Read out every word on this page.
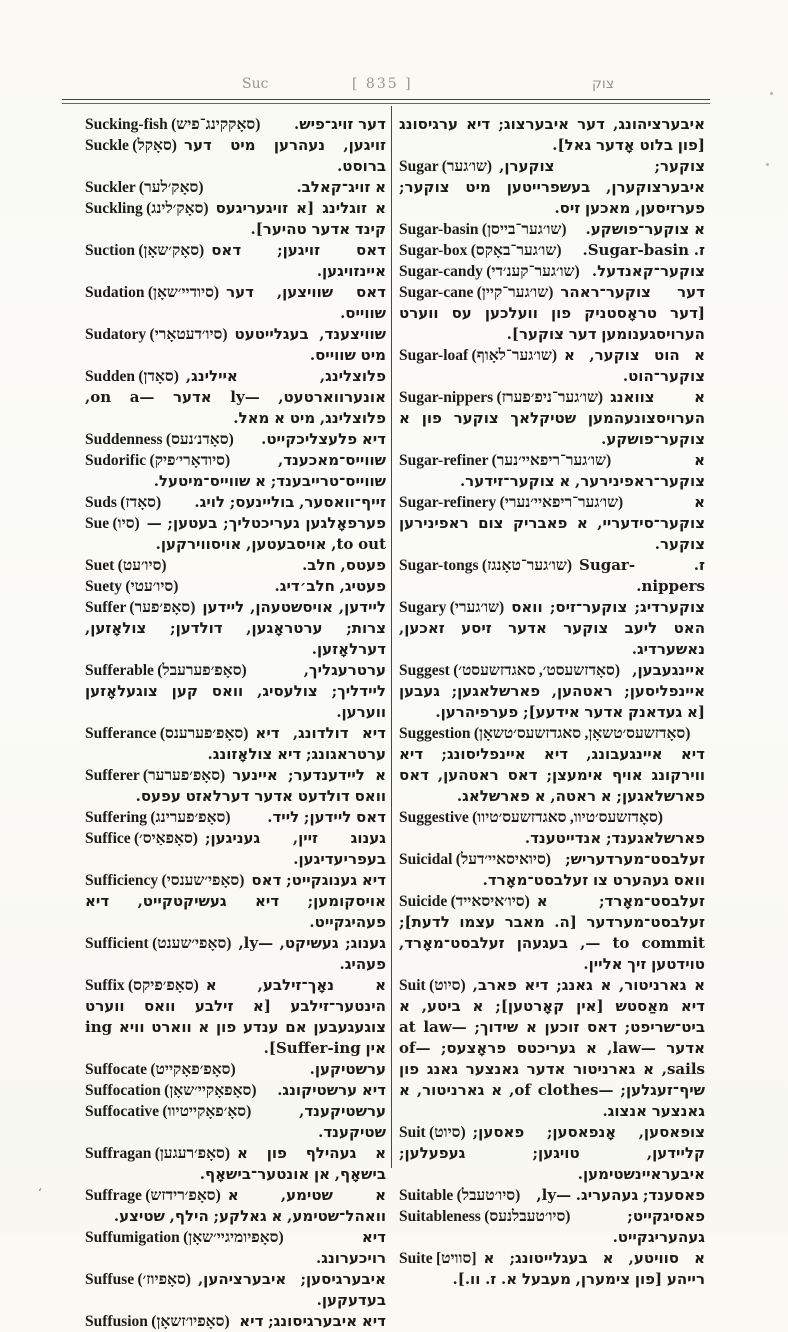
Suc	[ 835 ]	צוק
Sucking-fish (סאָקקינג־פיש)	דער זויג־פיש.
Suckle (סאָקל) זויגען, נעהרען מיט דער ברוסט.
Suckler (סאָק׳לער)	א זויג־קאלב.
Suckling (סאָק׳לינג) א זוגלינג [א זויגעריגעס קינד אדער טהיער].
Suction (סאָק׳שאָן) דאס זויגען; דאס איינזויגען.
Sudation (סיודיי׳שאָן) דאס שוויצען, דער שווייס.
Sudatory (סיו׳דעטאָרי) שוויצענד, בעגלייטעט מיט שווייס.
Sudden (סאָדן) פלוצלינג, איילינג, אונערווארטעט, —ly אדער —on a, פלוצלינג, מיט א מאל.
Suddenness (סאָדנ׳נעס)	דיא פלעצליכקייט.
Sudorific (סיודאָרי׳פיק)	שווייס־מאכענד, שווייס־טרייבענד; א שווייס־מיטעל.
Suds (סאָדז)	זייף־וואסער, בוליינעס; לויג.
Sue (סיו) פערפאָלגען געריכטליך; בעטען; —to out, אויסבעטען, אויסווירקען.
Suet (סיו׳עט)	פעטס, חלב.
Suety (סיו׳עטי)	פעטיג, חלב׳דיג.
Suffer (סאָפ׳פער) ליידען, אויסשטעהן, ליידען צרות; ערטראָגען, דולדען; צולאָזען, דערלאָזען.
Sufferable (סאָפ׳פערעבל)	ערטרעגליך, ליידליך; צולעסיג, וואס קען צוגעלאָזען ווערען.
Sufferance (סאָפ׳פערענס) דיא דולדונג, דיא ערטראגונג; דיא צולאָזונג.
Sufferer (סאָפ׳פערער) א ליידענדער; איינער וואס דולדעט אדער דערלאזט עפעס.
Suffering (סאָפ׳פערינג)	דאס ליידען; לייד.
Suffice (סאָפאַיס׳) גענוג זיין, געניגען; בעפריעדיגען.
Sufficiency (סאָפי׳שענסי) דיא גענוגקייט; דאס אויסקומען; דיא געשיקטקייט, דיא פעהיגקייט.
Sufficient (סאָפי׳שענט) גענוג; געשיקט, —ly, פעהיג.
Suffix (סאָפ׳פיקס) א נאָך־זילבע, א הינטער־זילבע [א זילבע וואס ווערט צוגעגעבען אם ענדע פון א ווארט וויא ing אין Suffer-ing].
Suffocate (סאָפ׳פאָקייט)	ערשטיקען.
Suffocation (סאָפאָקיי׳שאָן)	דיא ערשטיקונג.
Suffocative (סאָ׳פאָקייטיוו)	ערשטיקענד, שטיקענד.
Suffragan (סאָפ׳רעגען) א געהילף פון א בישאָף, אן אונטער־בישאָף.
Suffrage (סאָפ׳רידזש) א שטימע, א וואהל־שטימע, א גאלקע; הילף, שטיצע.
Suffumigation (סאָפיומיגיי׳שאָן)	דיא רויכערונג.
Suffuse (סאָפיוז׳) איבערגיסען; איבערציהען, בעדעקען.
Suffusion (סאָפיו׳זשאָן) דיא איבערגיסונג; דיא
איבערציהונג, דער איבערצוג; דיא ערגיסונג [פון בלוט אָדער גאל].
Sugar (שו׳גער) צוקער; צוקערן, איבערצוקערן, בעשפרייטען מיט צוקער; פערזיסען, מאכען זיס.
Sugar-basin (שו׳גער־בייסן)	א צוקער־פושקע.
Sugar-box (שו׳גער־באָקס)	ז. Sugar-basin.
Sugar-candy (שו׳גער־קענ׳די) צוקער־קאנדעל.
Sugar-cane (שו׳גער־קיין) דער צוקער־ראהר [דער טראָסטניק פון וועלכען עס ווערט הערויסגענומען דער צוקער].
Sugar-loaf (שו׳גער־לאָוף) א הוט צוקער, א צוקער־הוט.
Sugar-nippers (שו׳גער־ניפ׳פערז) א צוואנג הערויסצונעהמען שטיקלאך צוקער פון א צוקער־פושקע.
Sugar-refiner (שו׳גער־ריפאיי׳נער)	א צוקער־ראפינירער, א צוקער־זידער.
Sugar-refinery (שו׳גער־ריפאיי׳נערי)	א צוקער־סידעריי, א פאבריק צום ראפינירען צוקער.
Sugar-tongs (שו׳גער־טאָנגז) ז. Sugar-nippers.
Sugary (שו׳גערי) צוקערדיג; צוקער־זיס; וואס האט ליעב צוקער אדער זיסע זאכען, נאשערדיג.
Suggest (סאָדזשעסט׳, סאגדזשעסט׳) איינגעבען, איינפליסען; ראטהען, פארשלאגען; געבען [א געדאנק אדער אידעע]; פערפיהרען.
Suggestion (סאָדזשעס׳טשאָן, סאגדזשעס׳טשאָן)
דיא איינגעבונג, דיא איינפליסונג; דיא ווירקונג אויף אימעצן; דאס ראטהען, דאס פארשלאגען; א ראטה, א פארשלאג.
Suggestive (סאָדזשעס׳טיוו, סאגדזשעס׳טיוו)
פארשלאגענד; אנדייטענד.
Suicidal (סיואיסאיי׳דעל) זעלבסט־מערדעריש; וואס געהערט צו זעלבסט־מאָרד.
Suicide (סיו׳איסאייד) זעלבסט־מאָרד; א זעלבסט־מערדער [ה. מאבר עצמו לדעת]; to commit —, בעגעהן זעלבסט־מאָרד, טוידטען זיך אליין.
Suit (סיוט) א גארניטור, א גאנג; דיא פארב, דיא מאַסטש [אין קאָרטען]; א ביטע, א ביט־שריפט; דאס זוכען א שידוך; —at law אדער —law, א געריכטס פראָצעס; —of sails, א גארניטור אדער גאנצער גאנג פון שיף־זעגלען; —of clothes, א גארניטור, א גאנצער אנצוג.
Suit (סיוט) צופאסען, אָנפאסען; פאסען; קליידען, טויגען; געפעלען; איבעראיינשטימען.
Suitable (סיו׳טעבל)	פאסענד; געהעריג. —ly,
Suitableness (סיו׳טעבלנעס)	פאסיגקייט; געהעריגקייט.
Suite [סוויט] א סוויטע, א בעגלייטונג; א רייהע [פון צימערן, מעבעל א. ז. וו.].
‘
